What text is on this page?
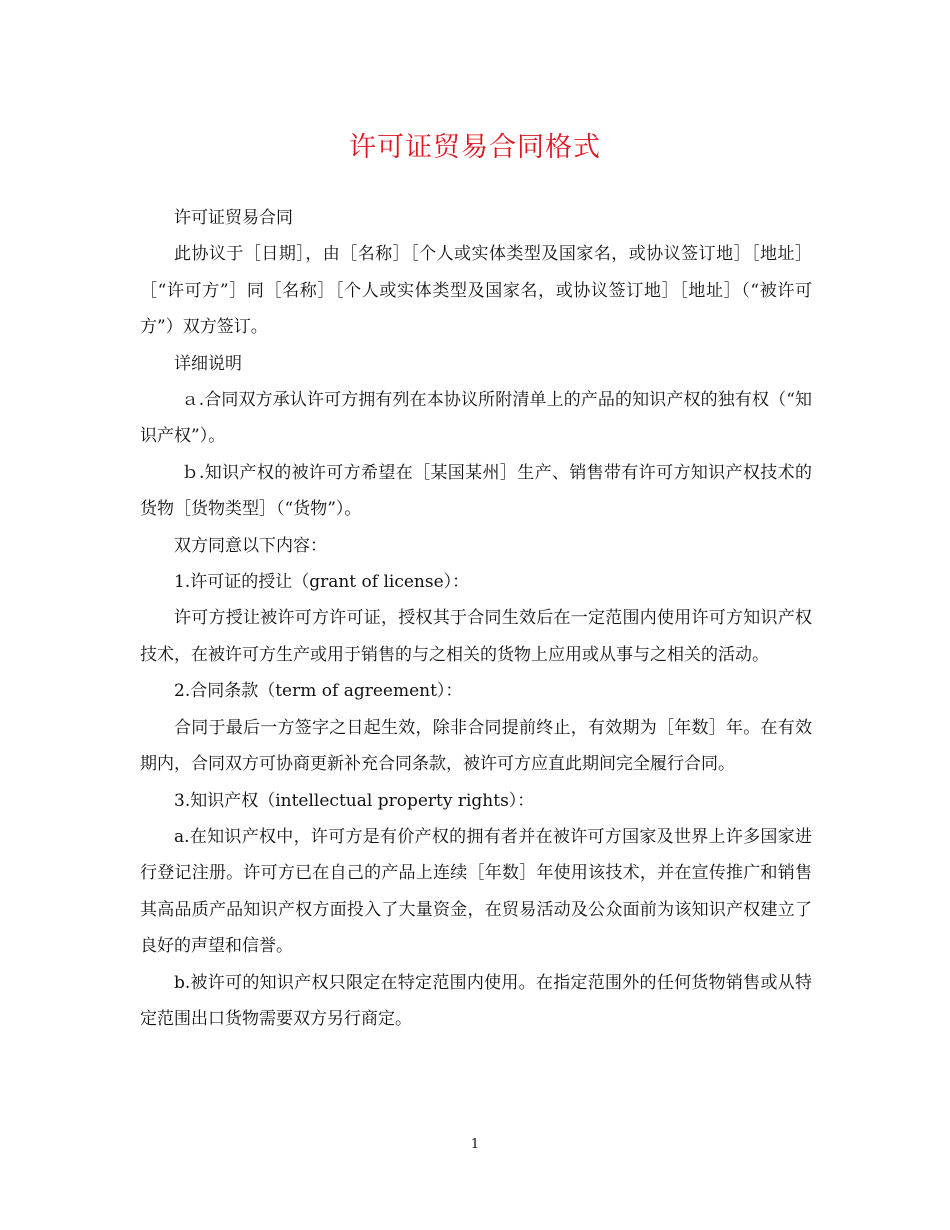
许可证贸易合同格式

许可证贸易合同

此协议于［日期］，由［名称］［个人或实体类型及国家名，或协议签订地］［地址］［“许可方”］同［名称］［个人或实体类型及国家名，或协议签订地］［地址］（“被许可方”）双方签订。

详细说明

ａ.合同双方承认许可方拥有列在本协议所附清单上的产品的知识产权的独有权（“知识产权”）。

ｂ.知识产权的被许可方希望在［某国某州］生产、销售带有许可方知识产权技术的货物［货物类型］（“货物”）。

双方同意以下内容：

1.许可证的授让（grant of license）：

许可方授让被许可方许可证，授权其于合同生效后在一定范围内使用许可方知识产权技术，在被许可方生产或用于销售的与之相关的货物上应用或从事与之相关的活动。

2.合同条款（term of agreement）：

合同于最后一方签字之日起生效，除非合同提前终止，有效期为［年数］年。在有效期内，合同双方可协商更新补充合同条款，被许可方应直此期间完全履行合同。

3.知识产权（intellectual property rights）：

a.在知识产权中，许可方是有价产权的拥有者并在被许可方国家及世界上许多国家进行登记注册。许可方已在自己的产品上连续［年数］年使用该技术，并在宣传推广和销售其高品质产品知识产权方面投入了大量资金，在贸易活动及公众面前为该知识产权建立了良好的声望和信誉。

b.被许可的知识产权只限定在特定范围内使用。在指定范围外的任何货物销售或从特定范围出口货物需要双方另行商定。

1
